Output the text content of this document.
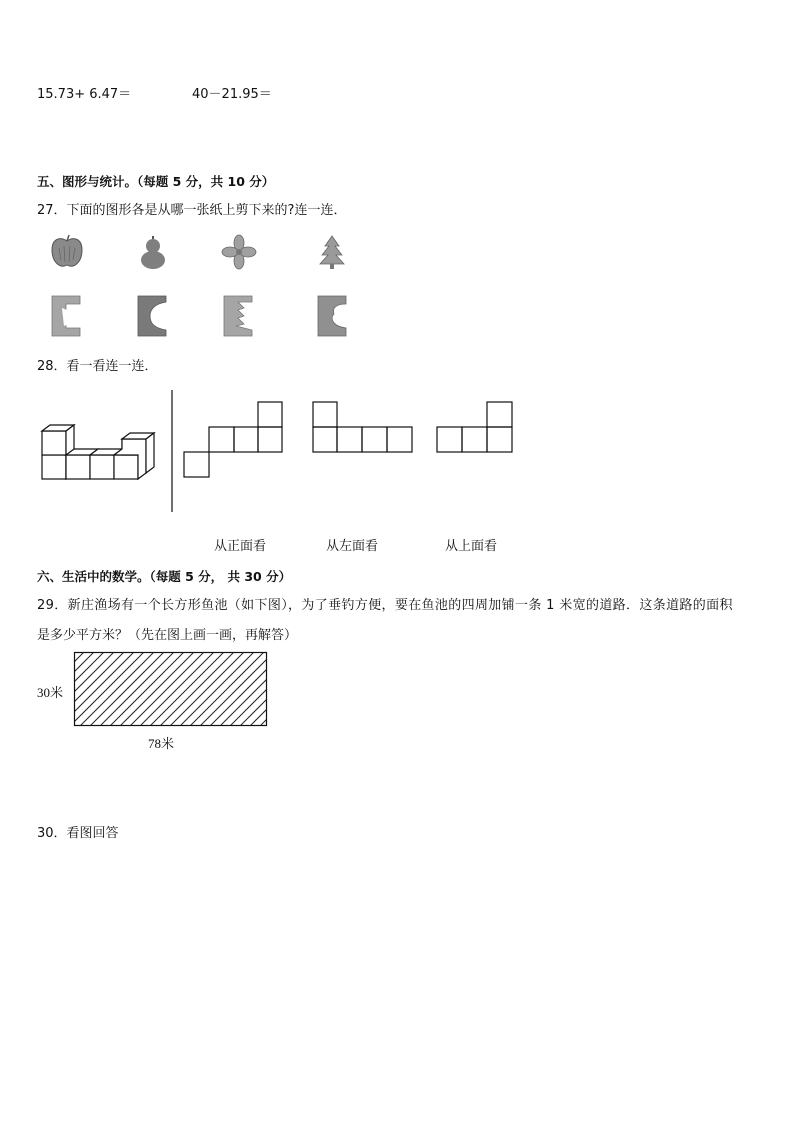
15.73+ 6.47＝	40－21.95＝
五、图形与统计。（每题 5 分，共 10 分）
27．下面的图形各是从哪一张纸上剪下来的?连一连．
28．看一看连一连．
从正面看	从左面看	从上面看
六、生活中的数学。（每题 5 分， 共 30 分）
29．新庄渔场有一个长方形鱼池（如下图），为了垂钓方便，要在鱼池的四周加铺一条 1 米宽的道路．这条道路的面积
是多少平方米？（先在图上画一画，再解答）
30米
78米
30．看图回答
